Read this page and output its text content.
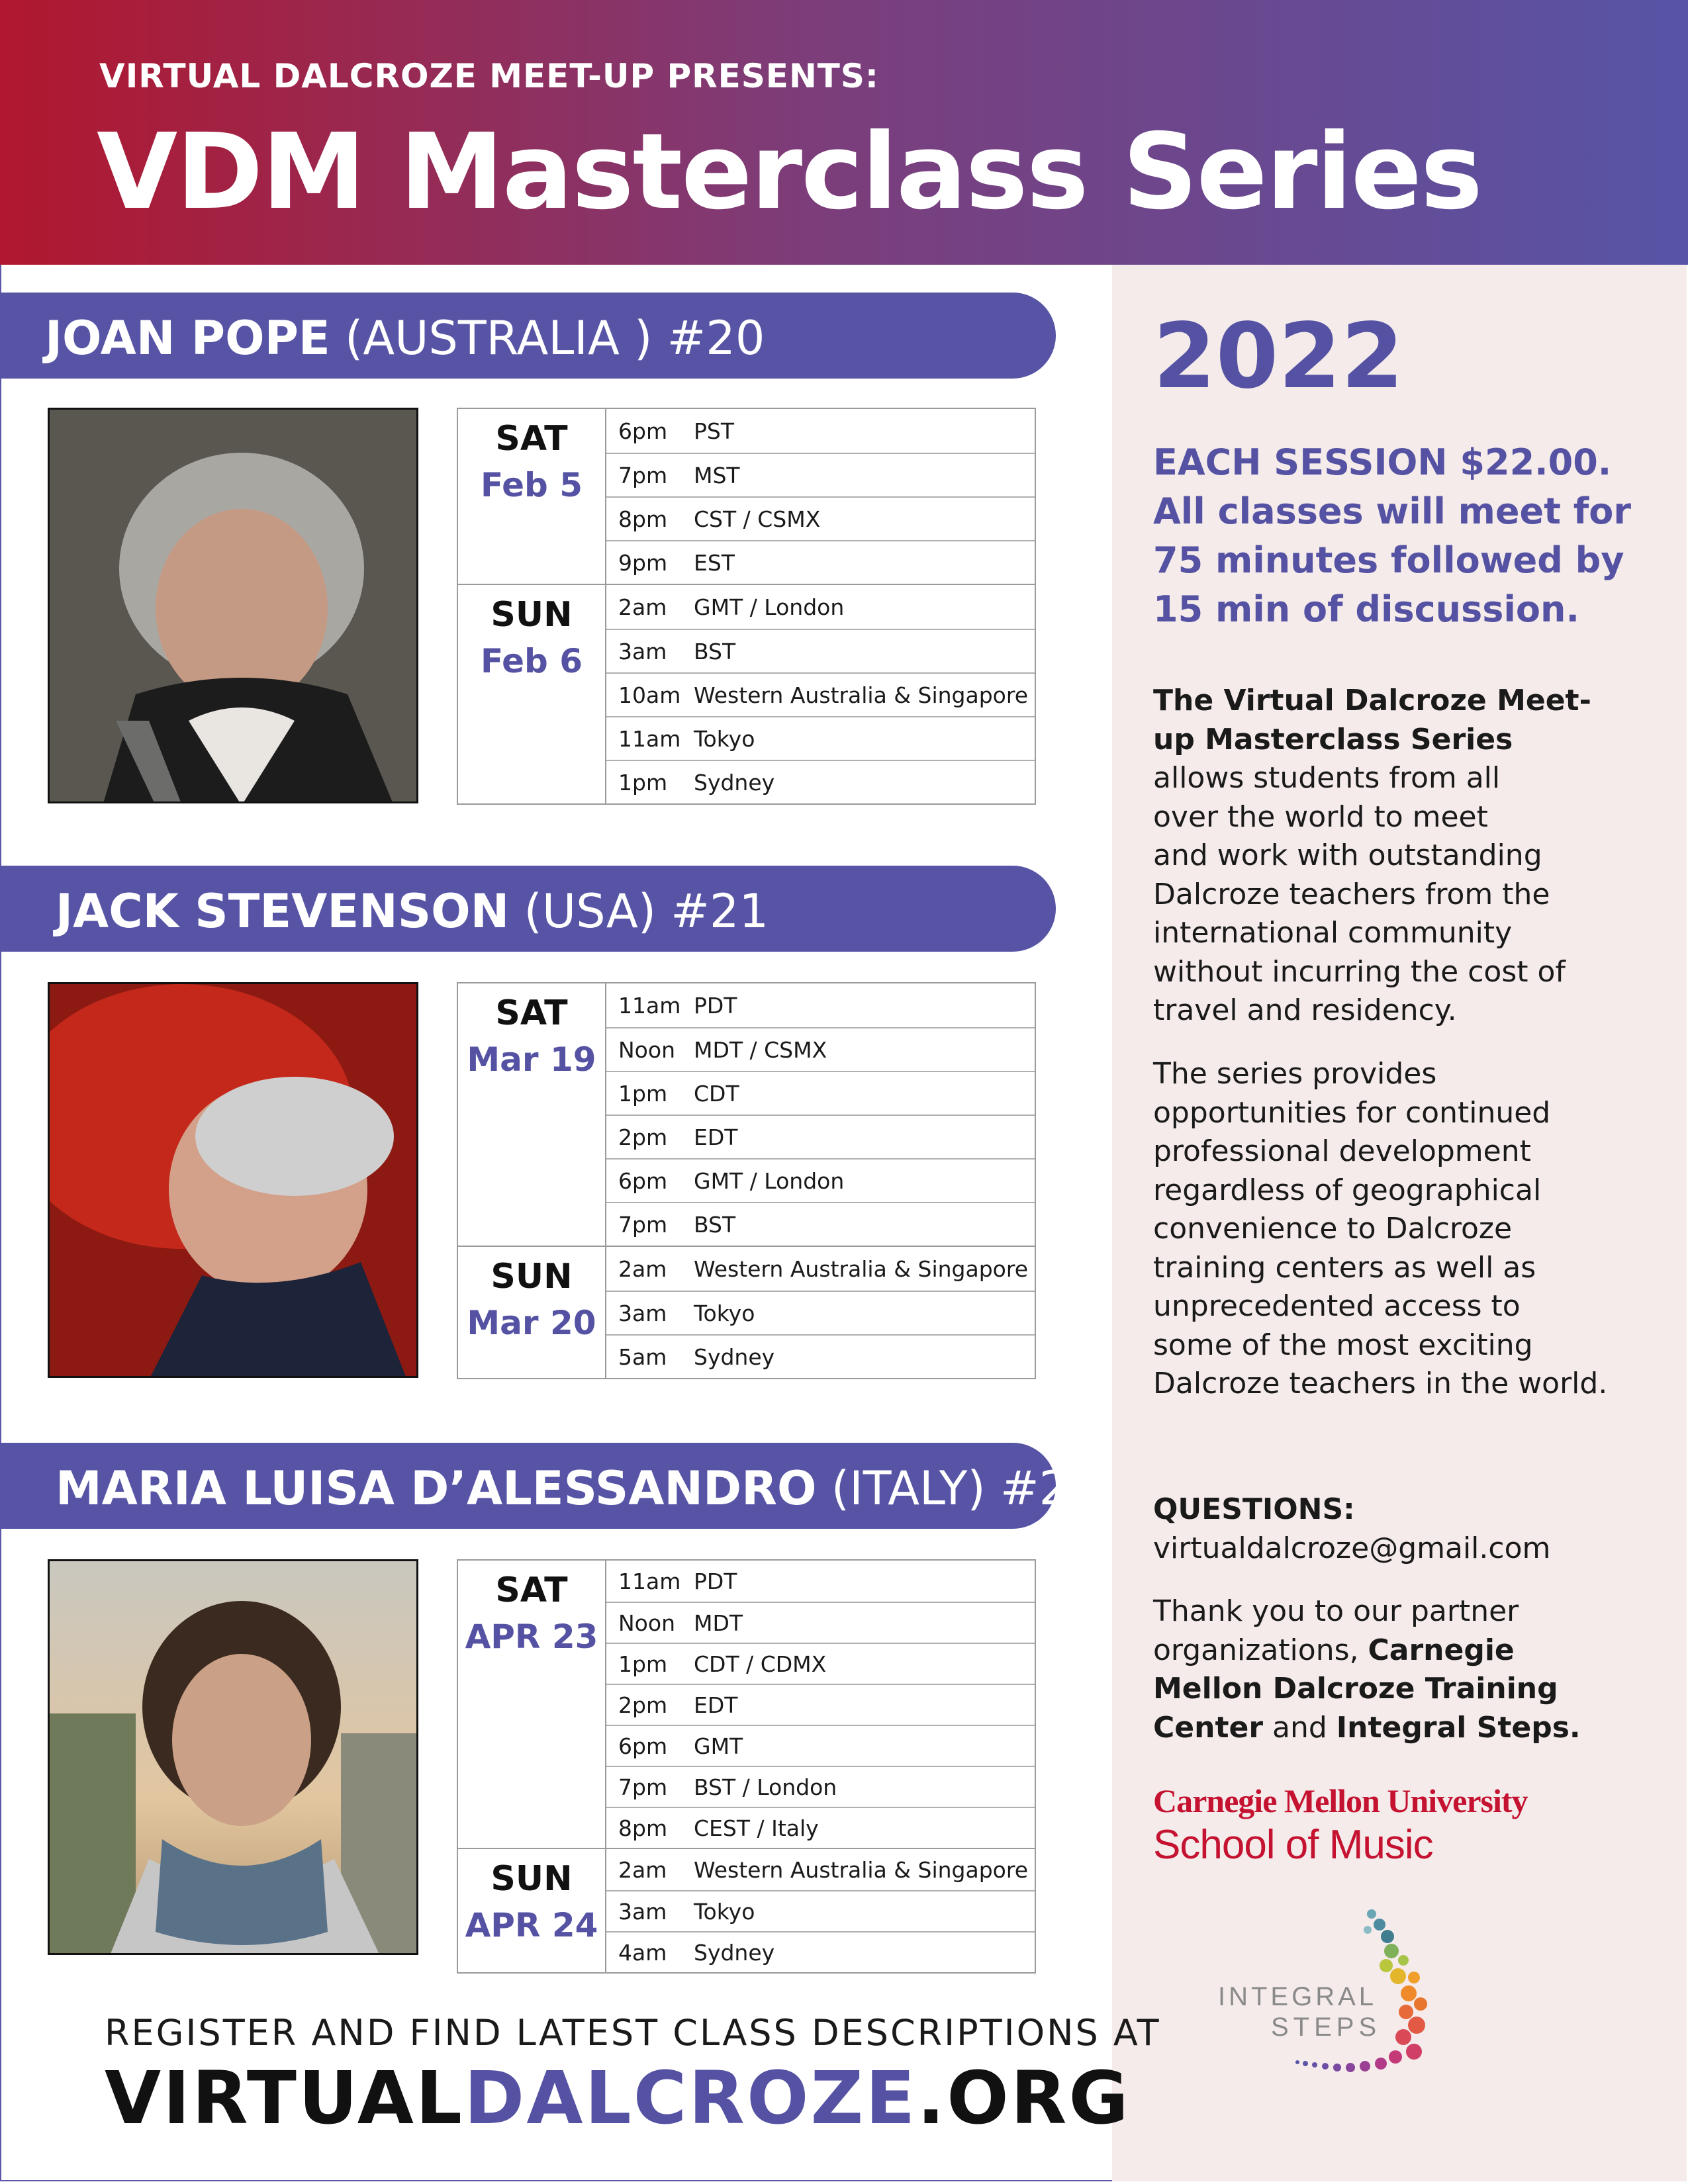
VIRTUAL DALCROZE MEET-UP PRESENTS:
VDM Masterclass Series
2022
EACH SESSION $22.00.
All classes will meet for
75 minutes followed by
15 min of discussion.
The Virtual Dalcroze Meet-
up Masterclass Series
allows students from all
over the world to meet
and work with outstanding
Dalcroze teachers from the
international community
without incurring the cost of
travel and residency.
The series provides
opportunities for continued
professional development
regardless of geographical
convenience to Dalcroze
training centers as well as
unprecedented access to
some of the most exciting
Dalcroze teachers in the world.
QUESTIONS:
virtualdalcroze@gmail.com
Thank you to our partner
organizations, Carnegie
Mellon Dalcroze Training
Center and Integral Steps.
Carnegie Mellon University
School of Music
INTEGRAL
STEPS
JOAN POPE (AUSTRALIA ) #20
SAT
Feb 5
6pm	PST
7pm	MST
8pm	CST / CSMX
9pm	EST
SUN
Feb 6
2am	GMT / London
3am	BST
10am Western Australia & Singapore
11am Tokyo
1pm	Sydney
JACK STEVENSON (USA) #21
SAT
Mar 19
11am PDT
Noon MDT / CSMX
1pm	CDT
2pm	EDT
6pm	GMT / London
7pm	BST
SUN
Mar 20
2am	Western Australia & Singapore
3am	Tokyo
5am	Sydney
MARIA LUISA D’ALESSANDRO (ITALY) #22
SAT
APR 23
11am PDT
Noon MDT
1pm	CDT / CDMX
2pm	EDT
6pm	GMT
7pm	BST / London
8pm	CEST / Italy
SUN
APR 24
2am	Western Australia & Singapore
3am	Tokyo
4am	Sydney
REGISTER AND FIND LATEST CLASS DESCRIPTIONS AT
VIRTUALDALCROZE.ORG
